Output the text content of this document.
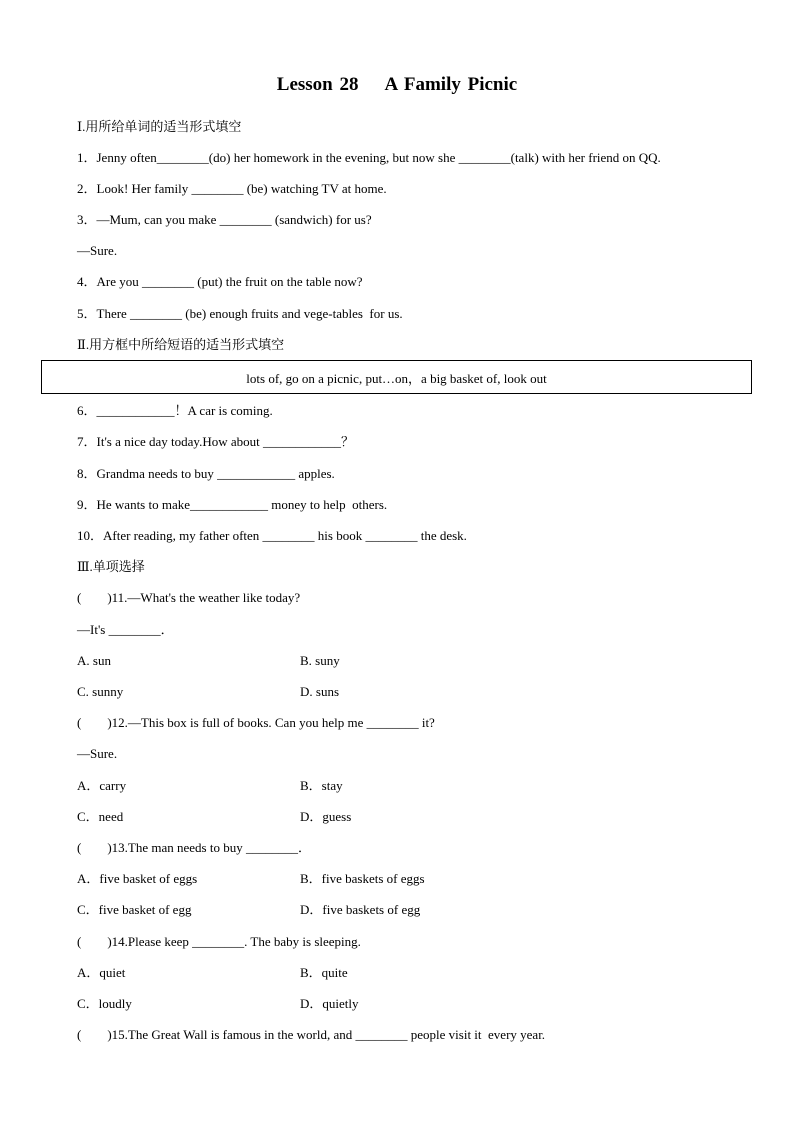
Lesson 28    A Family Picnic
Ⅰ.用所给单词的适当形式填空
1．Jenny often________(do) her homework in the evening, but now she ________(talk) with her friend on QQ.
2．Look! Her family ________ (be) watching TV at home.
3．—Mum, can you make ________ (sandwich) for us?
—Sure.
4．Are you ________ (put) the fruit on the table now?
5．There ________ (be) enough fruits and vege-tables  for us.
Ⅱ.用方框中所给短语的适当形式填空
lots of, go on a picnic, put…on，a big basket of, look out
6．____________！A car is coming.
7．It's a nice day today.How about ____________？
8．Grandma needs to buy ____________ apples.
9．He wants to make____________ money to help  others.
10．After reading, my father often ________ his book ________ the desk.
Ⅲ.单项选择
(        )11.—What's the weather like today?
—It's ________．
A. sun	B. suny
C. sunny	D. suns
(        )12.—This box is full of books. Can you help me ________ it?
—Sure.
A．carry	B．stay
C．need	D．guess
(        )13.The man needs to buy ________．
A．five basket of eggs	B．five baskets of eggs
C．five basket of egg	D．five baskets of egg
(        )14.Please keep ________. The baby is sleeping.
A．quiet	B．quite
C．loudly	D．quietly
(        )15.The Great Wall is famous in the world, and ________ people visit it  every year.
